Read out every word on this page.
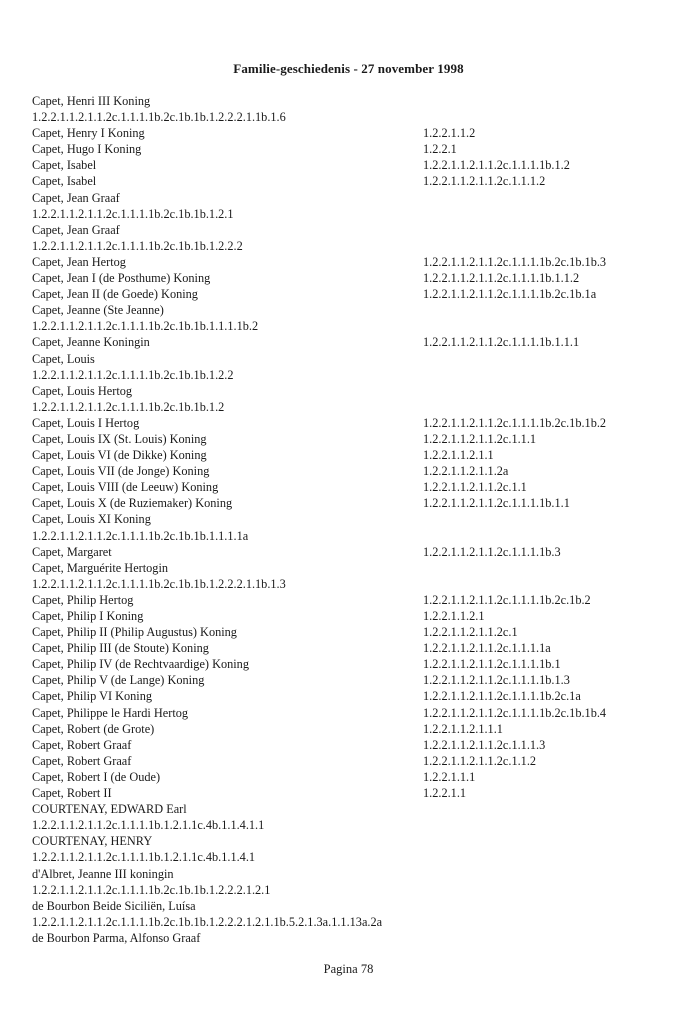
Familie-geschiedenis - 27 november 1998
Capet, Henri III Koning
1.2.2.1.1.2.1.1.2c.1.1.1.1b.2c.1b.1b.1.2.2.2.1.1b.1.6
Capet, Henry I Koning	1.2.2.1.1.2
Capet, Hugo I Koning	1.2.2.1
Capet, Isabel	1.2.2.1.1.2.1.1.2c.1.1.1.1b.1.2
Capet, Isabel	1.2.2.1.1.2.1.1.2c.1.1.1.2
Capet, Jean Graaf
1.2.2.1.1.2.1.1.2c.1.1.1.1b.2c.1b.1b.1.2.1
Capet, Jean Graaf
1.2.2.1.1.2.1.1.2c.1.1.1.1b.2c.1b.1b.1.2.2.2
Capet, Jean Hertog	1.2.2.1.1.2.1.1.2c.1.1.1.1b.2c.1b.1b.3
Capet, Jean I (de Posthume) Koning	1.2.2.1.1.2.1.1.2c.1.1.1.1b.1.1.2
Capet, Jean II (de Goede) Koning	1.2.2.1.1.2.1.1.2c.1.1.1.1b.2c.1b.1a
Capet, Jeanne (Ste Jeanne)
1.2.2.1.1.2.1.1.2c.1.1.1.1b.2c.1b.1b.1.1.1.1b.2
Capet, Jeanne Koningin	1.2.2.1.1.2.1.1.2c.1.1.1.1b.1.1.1
Capet, Louis
1.2.2.1.1.2.1.1.2c.1.1.1.1b.2c.1b.1b.1.2.2
Capet, Louis Hertog
1.2.2.1.1.2.1.1.2c.1.1.1.1b.2c.1b.1b.1.2
Capet, Louis I Hertog	1.2.2.1.1.2.1.1.2c.1.1.1.1b.2c.1b.1b.2
Capet, Louis IX (St. Louis) Koning	1.2.2.1.1.2.1.1.2c.1.1.1
Capet, Louis VI (de Dikke) Koning	1.2.2.1.1.2.1.1
Capet, Louis VII (de Jonge) Koning	1.2.2.1.1.2.1.1.2a
Capet, Louis VIII (de Leeuw) Koning	1.2.2.1.1.2.1.1.2c.1.1
Capet, Louis X (de Ruziemaker) Koning	1.2.2.1.1.2.1.1.2c.1.1.1.1b.1.1
Capet, Louis XI Koning
1.2.2.1.1.2.1.1.2c.1.1.1.1b.2c.1b.1b.1.1.1.1a
Capet, Margaret	1.2.2.1.1.2.1.1.2c.1.1.1.1b.3
Capet, Marguérite Hertogin
1.2.2.1.1.2.1.1.2c.1.1.1.1b.2c.1b.1b.1.2.2.2.1.1b.1.3
Capet, Philip Hertog	1.2.2.1.1.2.1.1.2c.1.1.1.1b.2c.1b.2
Capet, Philip I Koning	1.2.2.1.1.2.1
Capet, Philip II (Philip Augustus) Koning	1.2.2.1.1.2.1.1.2c.1
Capet, Philip III (de Stoute) Koning	1.2.2.1.1.2.1.1.2c.1.1.1.1a
Capet, Philip IV (de Rechtvaardige) Koning	1.2.2.1.1.2.1.1.2c.1.1.1.1b.1
Capet, Philip V (de Lange) Koning	1.2.2.1.1.2.1.1.2c.1.1.1.1b.1.3
Capet, Philip VI Koning	1.2.2.1.1.2.1.1.2c.1.1.1.1b.2c.1a
Capet, Philippe le Hardi Hertog	1.2.2.1.1.2.1.1.2c.1.1.1.1b.2c.1b.1b.4
Capet, Robert (de Grote)	1.2.2.1.1.2.1.1.1
Capet, Robert Graaf	1.2.2.1.1.2.1.1.2c.1.1.1.3
Capet, Robert Graaf	1.2.2.1.1.2.1.1.2c.1.1.2
Capet, Robert I (de Oude)	1.2.2.1.1.1
Capet, Robert II	1.2.2.1.1
COURTENAY, EDWARD Earl
1.2.2.1.1.2.1.1.2c.1.1.1.1b.1.2.1.1c.4b.1.1.4.1.1
COURTENAY, HENRY
1.2.2.1.1.2.1.1.2c.1.1.1.1b.1.2.1.1c.4b.1.1.4.1
d'Albret, Jeanne III koningin
1.2.2.1.1.2.1.1.2c.1.1.1.1b.2c.1b.1b.1.2.2.2.1.2.1
de Bourbon Beide Siciliën, Luísa
1.2.2.1.1.2.1.1.2c.1.1.1.1b.2c.1b.1b.1.2.2.2.1.2.1.1b.5.2.1.3a.1.1.13a.2a
de Bourbon Parma, Alfonso Graaf
Pagina 78
